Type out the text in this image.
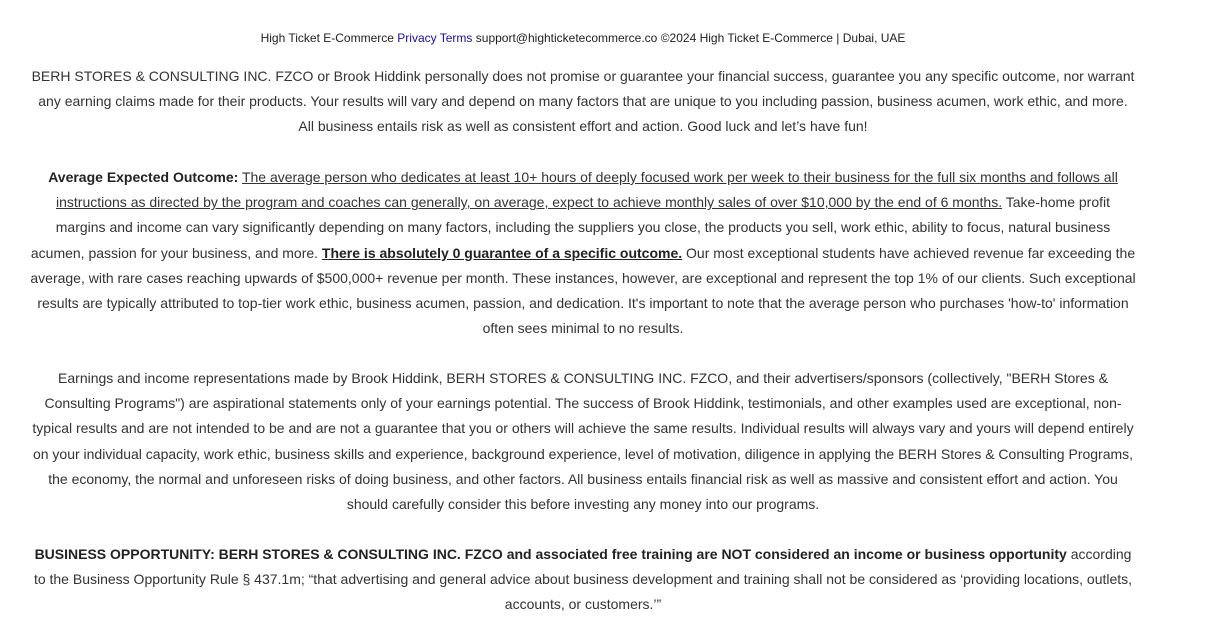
High Ticket E-Commerce Privacy Terms support@highticketecommerce.co ©2024 High Ticket E-Commerce | Dubai, UAE

BERH STORES & CONSULTING INC. FZCO or Brook Hiddink personally does not promise or guarantee your financial success, guarantee you any specific outcome, nor warrant any earning claims made for their products. Your results will vary and depend on many factors that are unique to you including passion, business acumen, work ethic, and more. All business entails risk as well as consistent effort and action. Good luck and let’s have fun!

Average Expected Outcome: The average person who dedicates at least 10+ hours of deeply focused work per week to their business for the full six months and follows all instructions as directed by the program and coaches can generally, on average, expect to achieve monthly sales of over $10,000 by the end of 6 months. Take-home profit margins and income can vary significantly depending on many factors, including the suppliers you close, the products you sell, work ethic, ability to focus, natural business acumen, passion for your business, and more. There is absolutely 0 guarantee of a specific outcome. Our most exceptional students have achieved revenue far exceeding the average, with rare cases reaching upwards of $500,000+ revenue per month. These instances, however, are exceptional and represent the top 1% of our clients. Such exceptional results are typically attributed to top-tier work ethic, business acumen, passion, and dedication. It's important to note that the average person who purchases 'how-to' information often sees minimal to no results.

Earnings and income representations made by Brook Hiddink, BERH STORES & CONSULTING INC. FZCO, and their advertisers/sponsors (collectively, "BERH Stores & Consulting Programs") are aspirational statements only of your earnings potential. The success of Brook Hiddink, testimonials, and other examples used are exceptional, non-typical results and are not intended to be and are not a guarantee that you or others will achieve the same results. Individual results will always vary and yours will depend entirely on your individual capacity, work ethic, business skills and experience, background experience, level of motivation, diligence in applying the BERH Stores & Consulting Programs, the economy, the normal and unforeseen risks of doing business, and other factors. All business entails financial risk as well as massive and consistent effort and action. You should carefully consider this before investing any money into our programs.

BUSINESS OPPORTUNITY: BERH STORES & CONSULTING INC. FZCO and associated free training are NOT considered an income or business opportunity according to the Business Opportunity Rule § 437.1m; “that advertising and general advice about business development and training shall not be considered as ‘providing locations, outlets, accounts, or customers.’”
